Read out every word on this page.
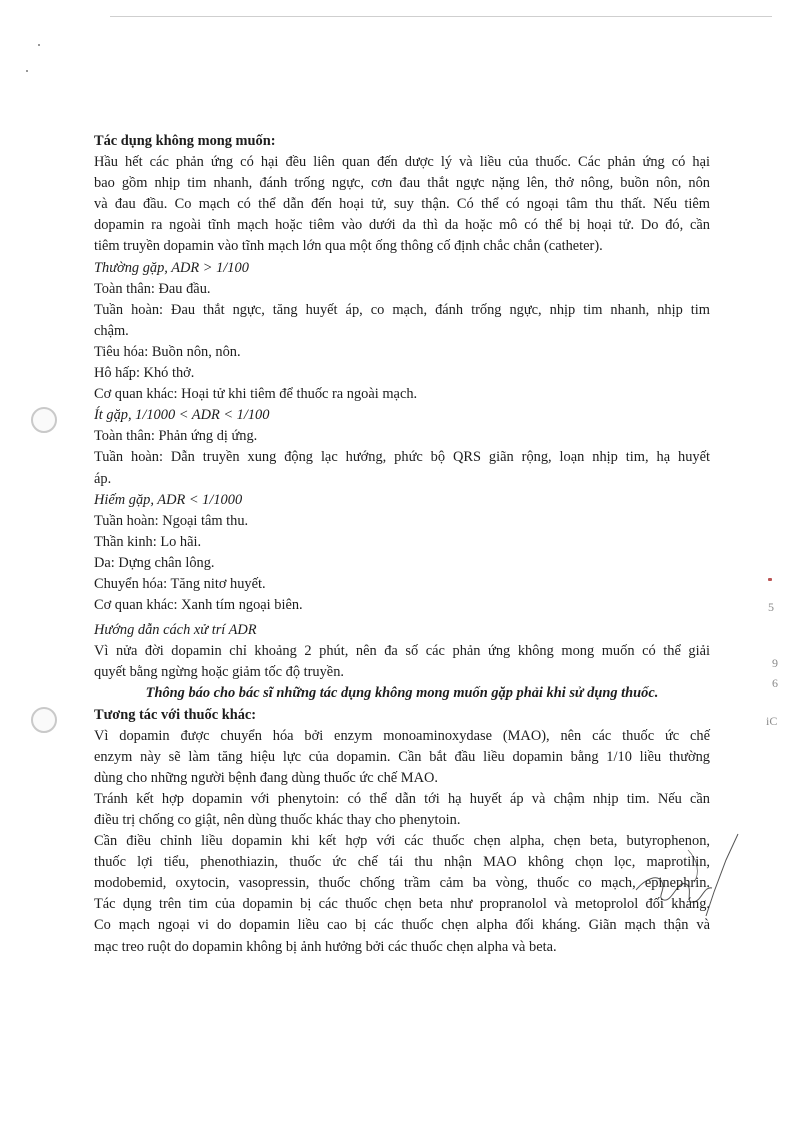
5
9
6
iC
Tác dụng không mong muốn:
Hầu hết các phản ứng có hại đều liên quan đến dược lý và liều của thuốc. Các phản ứng có hại
bao gồm nhịp tim nhanh, đánh trống ngực, cơn đau thắt ngực nặng lên, thở nông, buồn nôn, nôn
và đau đầu. Co mạch có thể dẫn đến hoại tử, suy thận. Có thể có ngoại tâm thu thất. Nếu tiêm
dopamin ra ngoài tĩnh mạch hoặc tiêm vào dưới da thì da hoặc mô có thể bị hoại tử. Do đó, cần
tiêm truyền dopamin vào tĩnh mạch lớn qua một ống thông cố định chắc chắn (catheter).
Thường gặp, ADR > 1/100
Toàn thân: Đau đầu.
Tuần hoàn: Đau thắt ngực, tăng huyết áp, co mạch, đánh trống ngực, nhịp tim nhanh, nhịp tim
chậm.
Tiêu hóa: Buồn nôn, nôn.
Hô hấp: Khó thở.
Cơ quan khác: Hoại tử khi tiêm để thuốc ra ngoài mạch.
Ít gặp, 1/1000 < ADR < 1/100
Toàn thân: Phản ứng dị ứng.
Tuần hoàn: Dẫn truyền xung động lạc hướng, phức bộ QRS giãn rộng, loạn nhịp tim, hạ huyết
áp.
Hiếm gặp, ADR < 1/1000
Tuần hoàn: Ngoại tâm thu.
Thần kinh: Lo hãi.
Da: Dựng chân lông.
Chuyển hóa: Tăng nitơ huyết.
Cơ quan khác: Xanh tím ngoại biên.
Hướng dẫn cách xử trí ADR
Vì nửa đời dopamin chỉ khoảng 2 phút, nên đa số các phản ứng không mong muốn có thể giải
quyết bằng ngừng hoặc giảm tốc độ truyền.
Thông báo cho bác sĩ những tác dụng không mong muốn gặp phải khi sử dụng thuốc.
Tương tác với thuốc khác:
Vì dopamin được chuyển hóa bởi enzym monoaminoxydase (MAO), nên các thuốc ức chế
enzym này sẽ làm tăng hiệu lực của dopamin. Cần bắt đầu liều dopamin bằng 1/10 liều thường
dùng cho những người bệnh đang dùng thuốc ức chế MAO.
Tránh kết hợp dopamin với phenytoin: có thể dẫn tới hạ huyết áp và chậm nhịp tim. Nếu cần
điều trị chống co giật, nên dùng thuốc khác thay cho phenytoin.
Cần điều chỉnh liều dopamin khi kết hợp với các thuốc chẹn alpha, chẹn beta, butyrophenon,
thuốc lợi tiểu, phenothiazin, thuốc ức chế tái thu nhận MAO không chọn lọc, maprotilin,
modobemid, oxytocin, vasopressin, thuốc chống trầm cảm ba vòng, thuốc co mạch, epinephrin.
Tác dụng trên tim của dopamin bị các thuốc chẹn beta như propranolol và metoprolol đối kháng.
Co mạch ngoại vi do dopamin liều cao bị các thuốc chẹn alpha đối kháng. Giãn mạch thận và
mạc treo ruột do dopamin không bị ảnh hưởng bởi các thuốc chẹn alpha và beta.
